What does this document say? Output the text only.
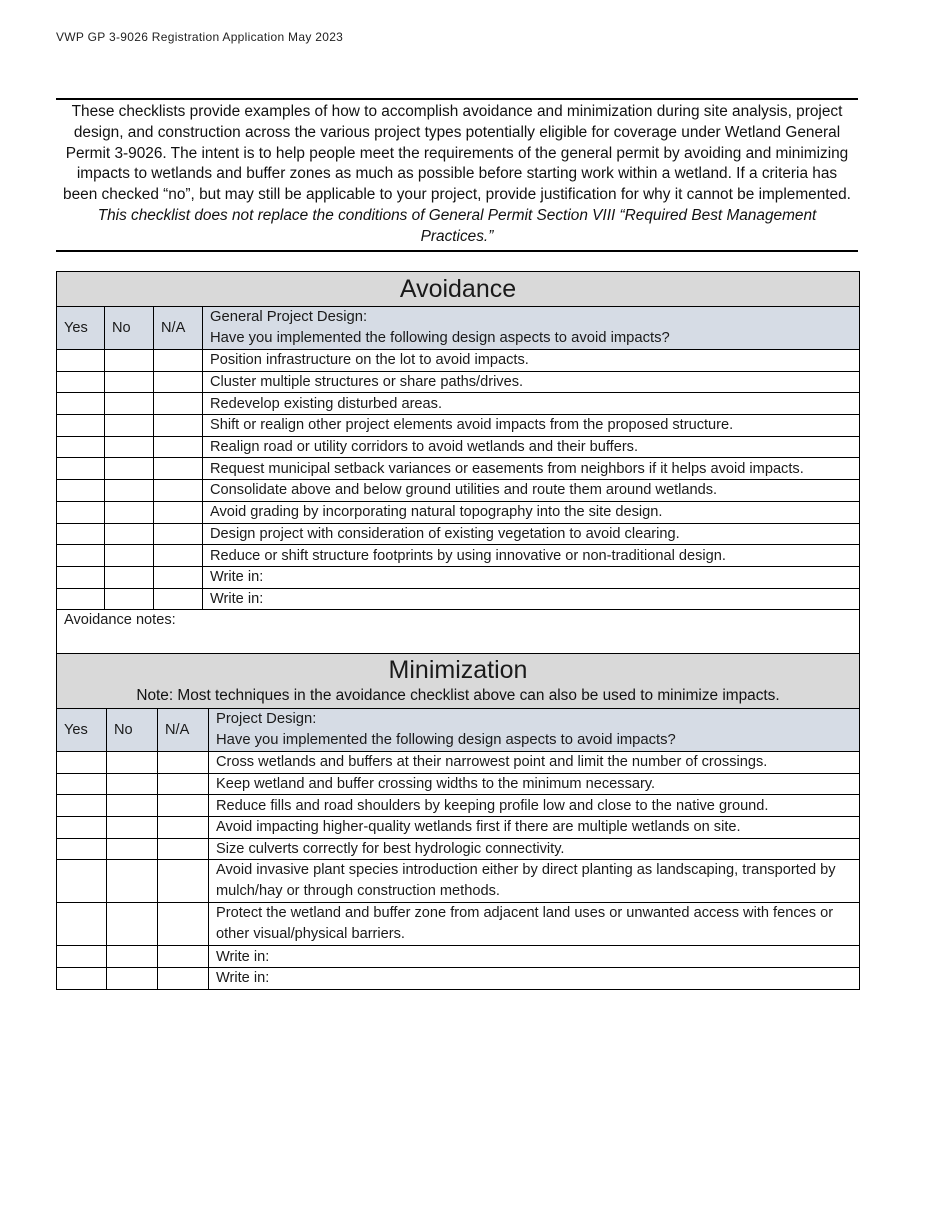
VWP GP 3-9026 Registration Application May 2023
These checklists provide examples of how to accomplish avoidance and minimization during site analysis, project design, and construction across the various project types potentially eligible for coverage under Wetland General Permit 3-9026. The intent is to help people meet the requirements of the general permit by avoiding and minimizing impacts to wetlands and buffer zones as much as possible before starting work within a wetland. If a criteria has been checked “no”, but may still be applicable to your project, provide justification for why it cannot be implemented. This checklist does not replace the conditions of General Permit Section VIII “Required Best Management Practices.”
Avoidance			
Yes	No	N/A	General Project Design:
Have you implemented the following design aspects to avoid impacts?

			Position infrastructure on the lot to avoid impacts.
			Cluster multiple structures or share paths/drives.
			Redevelop existing disturbed areas.
			Shift or realign other project elements avoid impacts from the proposed structure.
			Realign road or utility corridors to avoid wetlands and their buffers.
			Request municipal setback variances or easements from neighbors if it helps avoid impacts.
			Consolidate above and below ground utilities and route them around wetlands.
			Avoid grading by incorporating natural topography into the site design.
			Design project with consideration of existing vegetation to avoid clearing.
			Reduce or shift structure footprints by using innovative or non-traditional design.
			Write in:
			Write in:
Avoidance notes:			
Minimization
Note: Most techniques in the avoidance checklist above can also be used to minimize impacts.			

Yes	No	N/A	Project Design:
Have you implemented the following design aspects to avoid impacts?

			Cross wetlands and buffers at their narrowest point and limit the number of crossings.
			Keep wetland and buffer crossing widths to the minimum necessary.
			Reduce fills and road shoulders by keeping profile low and close to the native ground.
			Avoid impacting higher-quality wetlands first if there are multiple wetlands on site.
			Size culverts correctly for best hydrologic connectivity.
			Avoid invasive plant species introduction either by direct planting as landscaping, transported by mulch/hay or through construction methods.
			Protect the wetland and buffer zone from adjacent land uses or unwanted access with fences or other visual/physical barriers.
			Write in:
			Write in:
